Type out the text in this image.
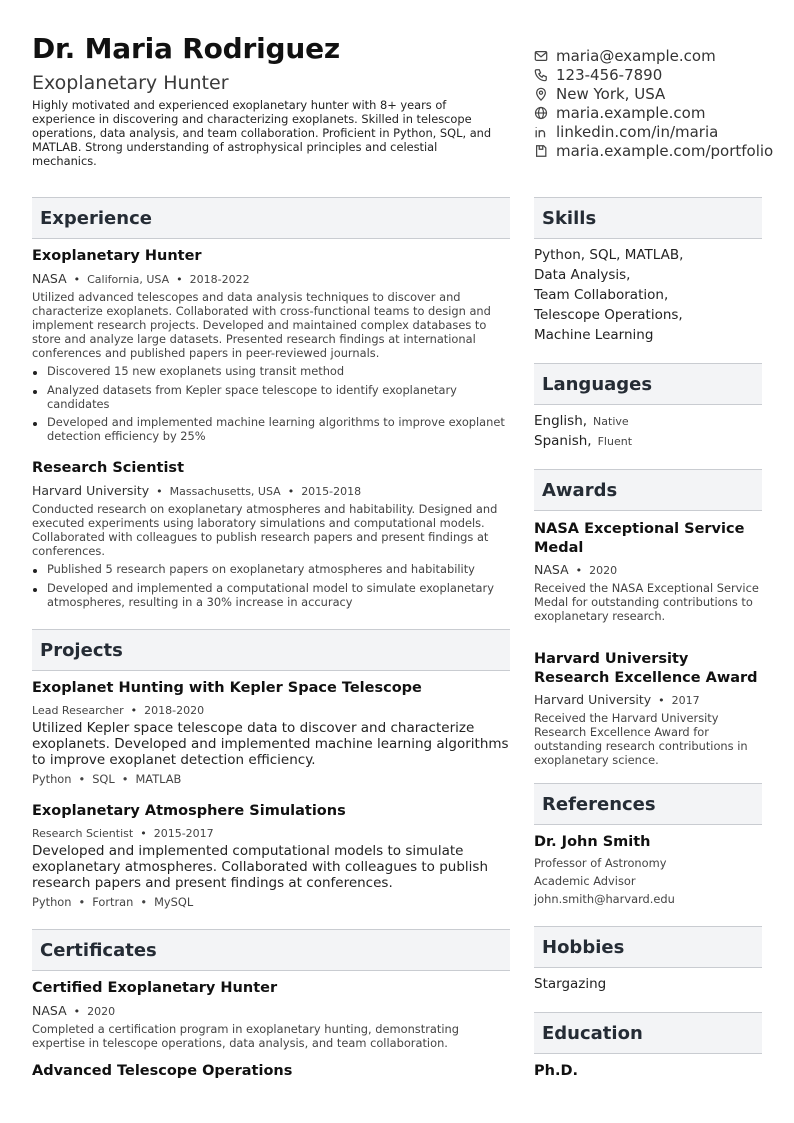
Dr. Maria Rodriguez
Exoplanetary Hunter
Highly motivated and experienced exoplanetary hunter with 8+ years of experience in discovering and characterizing exoplanets. Skilled in telescope operations, data analysis, and team collaboration. Proficient in Python, SQL, and MATLAB. Strong understanding of astrophysical principles and celestial mechanics.
maria@example.com
123-456-7890
New York, USA
maria.example.com
linkedin.com/in/maria
maria.example.com/portfolio
Experience
Exoplanetary Hunter
NASA • California, USA • 2018-2022
Utilized advanced telescopes and data analysis techniques to discover and characterize exoplanets. Collaborated with cross-functional teams to design and implement research projects. Developed and maintained complex databases to store and analyze large datasets. Presented research findings at international conferences and published papers in peer-reviewed journals.
Discovered 15 new exoplanets using transit method
Analyzed datasets from Kepler space telescope to identify exoplanetary candidates
Developed and implemented machine learning algorithms to improve exoplanet detection efficiency by 25%
Research Scientist
Harvard University • Massachusetts, USA • 2015-2018
Conducted research on exoplanetary atmospheres and habitability. Designed and executed experiments using laboratory simulations and computational models. Collaborated with colleagues to publish research papers and present findings at conferences.
Published 5 research papers on exoplanetary atmospheres and habitability
Developed and implemented a computational model to simulate exoplanetary atmospheres, resulting in a 30% increase in accuracy
Projects
Exoplanet Hunting with Kepler Space Telescope
Lead Researcher • 2018-2020
Utilized Kepler space telescope data to discover and characterize exoplanets. Developed and implemented machine learning algorithms to improve exoplanet detection efficiency.
Python • SQL • MATLAB
Exoplanetary Atmosphere Simulations
Research Scientist • 2015-2017
Developed and implemented computational models to simulate exoplanetary atmospheres. Collaborated with colleagues to publish research papers and present findings at conferences.
Python • Fortran • MySQL
Certificates
Certified Exoplanetary Hunter
NASA • 2020
Completed a certification program in exoplanetary hunting, demonstrating expertise in telescope operations, data analysis, and team collaboration.
Advanced Telescope Operations
Skills
Python, SQL, MATLAB,
Data Analysis,
Team Collaboration,
Telescope Operations,
Machine Learning
Languages
English, Native
Spanish, Fluent
Awards
NASA Exceptional Service Medal
NASA • 2020
Received the NASA Exceptional Service Medal for outstanding contributions to exoplanetary research.
Harvard University Research Excellence Award
Harvard University • 2017
Received the Harvard University Research Excellence Award for outstanding research contributions in exoplanetary science.
References
Dr. John Smith
Professor of Astronomy
Academic Advisor
john.smith@harvard.edu
Hobbies
Stargazing
Education
Ph.D.
